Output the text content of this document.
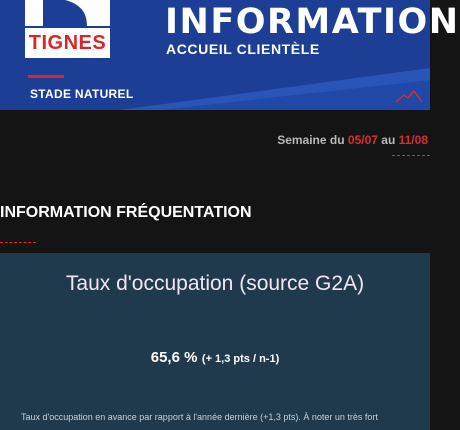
TIGNES
STADE NATUREL
INFORMATION
ACCUEIL CLIENTÈLE
Semaine du 05/07 au 11/08
INFORMATION FRÉQUENTATION
Taux d'occupation (source G2A)
65,6 % (+ 1,3 pts / n-1)
Taux d'occupation en avance par rapport à l'année dernière (+1,3 pts). À noter un très fort
